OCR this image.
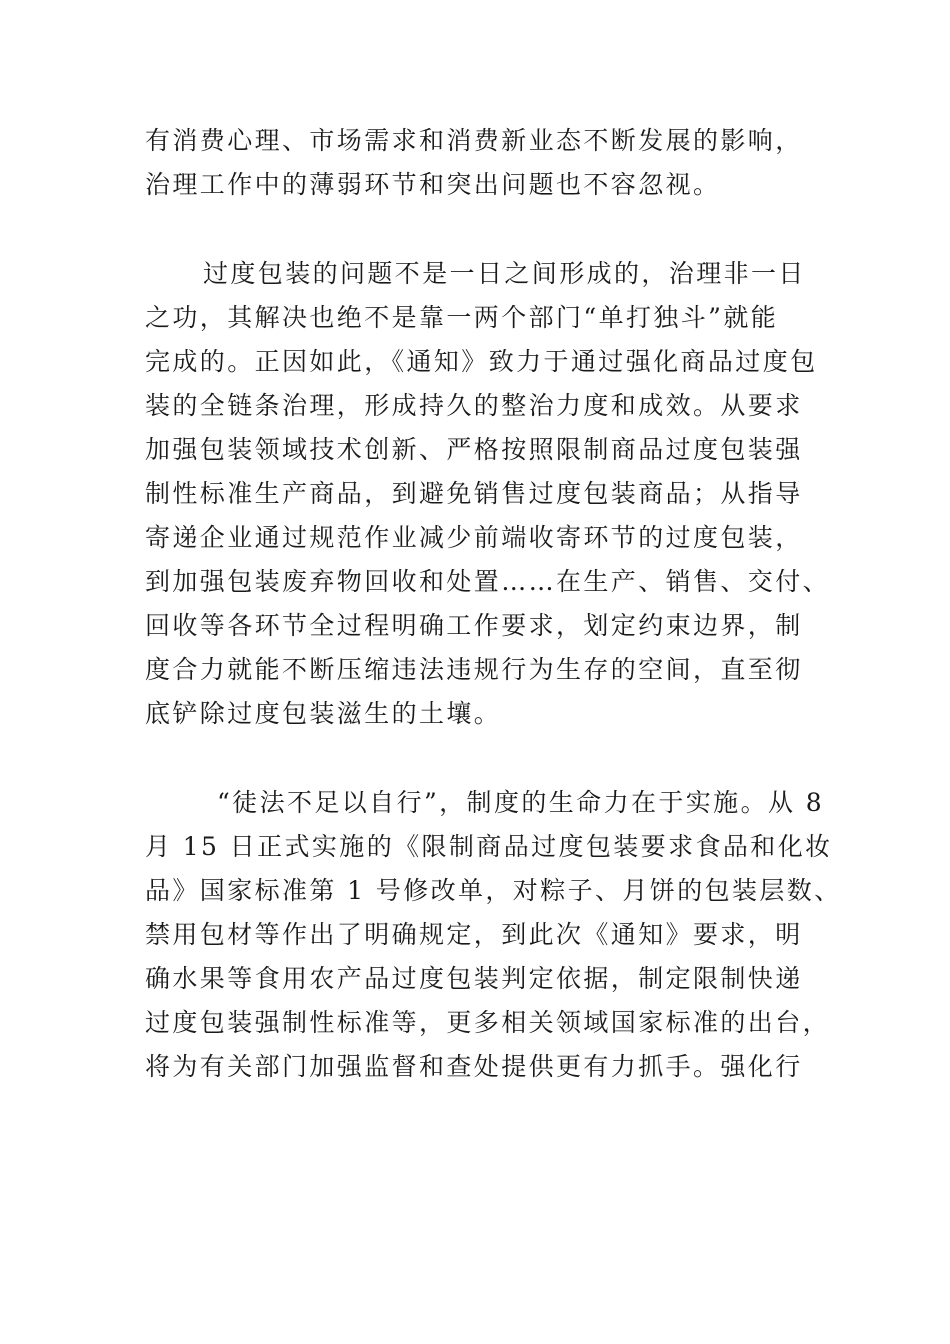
有消费心理、市场需求和消费新业态不断发展的影响，
治理工作中的薄弱环节和突出问题也不容忽视。
过度包装的问题不是一日之间形成的，治理非一日
之功，其解决也绝不是靠一两个部门“单打独斗”就能
完成的。正因如此，《通知》致力于通过强化商品过度包
装的全链条治理，形成持久的整治力度和成效。从要求
加强包装领域技术创新、严格按照限制商品过度包装强
制性标准生产商品，到避免销售过度包装商品；从指导
寄递企业通过规范作业减少前端收寄环节的过度包装，
到加强包装废弃物回收和处置……在生产、销售、交付、
回收等各环节全过程明确工作要求，划定约束边界，制
度合力就能不断压缩违法违规行为生存的空间，直至彻
底铲除过度包装滋生的土壤。
“徒法不足以自行”，制度的生命力在于实施。从 8
月 15 日正式实施的《限制商品过度包装要求食品和化妆
品》国家标准第 1 号修改单，对粽子、月饼的包装层数、
禁用包材等作出了明确规定，到此次《通知》要求，明
确水果等食用农产品过度包装判定依据，制定限制快递
过度包装强制性标准等，更多相关领域国家标准的出台，
将为有关部门加强监督和查处提供更有力抓手。强化行
